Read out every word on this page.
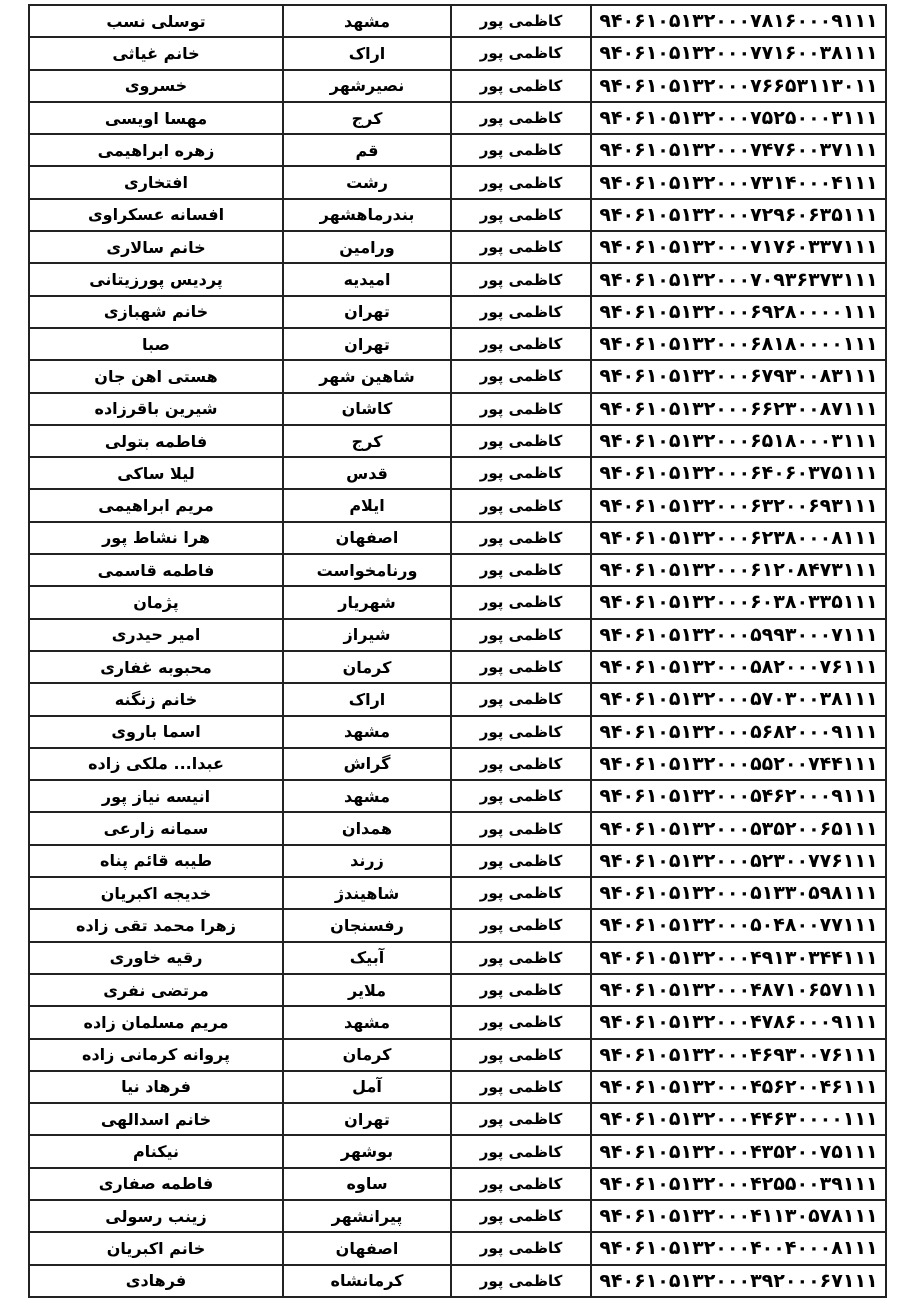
توسلی نسب	مشهد	کاظمی پور	۹۴۰۶۱۰۵۱۳۲۰۰۰۷۸۱۶۰۰۰۹۱۱۱
خانم غیاثی	اراک	کاظمی پور	۹۴۰۶۱۰۵۱۳۲۰۰۰۷۷۱۶۰۰۳۸۱۱۱
خسروی	نصیرشهر	کاظمی پور	۹۴۰۶۱۰۵۱۳۲۰۰۰۷۶۶۵۳۱۱۳۰۱۱
مهسا اویسی	کرج	کاظمی پور	۹۴۰۶۱۰۵۱۳۲۰۰۰۷۵۲۵۰۰۰۳۱۱۱
زهره ابراهیمی	قم	کاظمی پور	۹۴۰۶۱۰۵۱۳۲۰۰۰۷۴۷۶۰۰۳۷۱۱۱
افتخاری	رشت	کاظمی پور	۹۴۰۶۱۰۵۱۳۲۰۰۰۷۳۱۴۰۰۰۴۱۱۱
افسانه عسکراوی	بندرماهشهر	کاظمی پور	۹۴۰۶۱۰۵۱۳۲۰۰۰۷۲۹۶۰۶۳۵۱۱۱
خانم سالاری	ورامین	کاظمی پور	۹۴۰۶۱۰۵۱۳۲۰۰۰۷۱۷۶۰۳۳۷۱۱۱
پردیس پورزیتانی	امیدیه	کاظمی پور	۹۴۰۶۱۰۵۱۳۲۰۰۰۷۰۹۳۶۳۷۳۱۱۱
خانم شهبازی	تهران	کاظمی پور	۹۴۰۶۱۰۵۱۳۲۰۰۰۶۹۲۸۰۰۰۰۱۱۱
صبا	تهران	کاظمی پور	۹۴۰۶۱۰۵۱۳۲۰۰۰۶۸۱۸۰۰۰۰۱۱۱
هستی اهن جان	شاهین شهر	کاظمی پور	۹۴۰۶۱۰۵۱۳۲۰۰۰۶۷۹۳۰۰۸۳۱۱۱
شیرین باقرزاده	کاشان	کاظمی پور	۹۴۰۶۱۰۵۱۳۲۰۰۰۶۶۲۳۰۰۸۷۱۱۱
فاطمه بتولی	کرج	کاظمی پور	۹۴۰۶۱۰۵۱۳۲۰۰۰۶۵۱۸۰۰۰۳۱۱۱
لیلا ساکی	قدس	کاظمی پور	۹۴۰۶۱۰۵۱۳۲۰۰۰۶۴۰۶۰۳۷۵۱۱۱
مریم ابراهیمی	ایلام	کاظمی پور	۹۴۰۶۱۰۵۱۳۲۰۰۰۶۳۲۰۰۶۹۳۱۱۱
هرا نشاط پور	اصفهان	کاظمی پور	۹۴۰۶۱۰۵۱۳۲۰۰۰۶۲۳۸۰۰۰۸۱۱۱
فاطمه قاسمی	ورنامخواست	کاظمی پور	۹۴۰۶۱۰۵۱۳۲۰۰۰۶۱۲۰۸۴۷۳۱۱۱
پژمان	شهریار	کاظمی پور	۹۴۰۶۱۰۵۱۳۲۰۰۰۶۰۳۸۰۳۳۵۱۱۱
امیر حیدری	شیراز	کاظمی پور	۹۴۰۶۱۰۵۱۳۲۰۰۰۵۹۹۳۰۰۰۷۱۱۱
محبوبه غفاری	کرمان	کاظمی پور	۹۴۰۶۱۰۵۱۳۲۰۰۰۵۸۲۰۰۰۷۶۱۱۱
خانم زنگنه	اراک	کاظمی پور	۹۴۰۶۱۰۵۱۳۲۰۰۰۵۷۰۳۰۰۳۸۱۱۱
اسما باروی	مشهد	کاظمی پور	۹۴۰۶۱۰۵۱۳۲۰۰۰۵۶۸۲۰۰۰۹۱۱۱
عبدا... ملکی زاده	گراش	کاظمی پور	۹۴۰۶۱۰۵۱۳۲۰۰۰۵۵۲۰۰۷۴۴۱۱۱
انیسه نیاز پور	مشهد	کاظمی پور	۹۴۰۶۱۰۵۱۳۲۰۰۰۵۴۶۲۰۰۰۹۱۱۱
سمانه زارعی	همدان	کاظمی پور	۹۴۰۶۱۰۵۱۳۲۰۰۰۵۳۵۲۰۰۶۵۱۱۱
طیبه قائم پناه	زرند	کاظمی پور	۹۴۰۶۱۰۵۱۳۲۰۰۰۵۲۳۰۰۷۷۶۱۱۱
خدیجه اکبریان	شاهیندژ	کاظمی پور	۹۴۰۶۱۰۵۱۳۲۰۰۰۵۱۳۳۰۵۹۸۱۱۱
زهرا محمد تقی زاده	رفسنجان	کاظمی پور	۹۴۰۶۱۰۵۱۳۲۰۰۰۵۰۴۸۰۰۷۷۱۱۱
رقیه خاوری	آبیک	کاظمی پور	۹۴۰۶۱۰۵۱۳۲۰۰۰۴۹۱۳۰۳۴۴۱۱۱
مرتضی نفری	ملایر	کاظمی پور	۹۴۰۶۱۰۵۱۳۲۰۰۰۴۸۷۱۰۶۵۷۱۱۱
مریم مسلمان زاده	مشهد	کاظمی پور	۹۴۰۶۱۰۵۱۳۲۰۰۰۴۷۸۶۰۰۰۹۱۱۱
پروانه کرمانی زاده	کرمان	کاظمی پور	۹۴۰۶۱۰۵۱۳۲۰۰۰۴۶۹۳۰۰۷۶۱۱۱
فرهاد نیا	آمل	کاظمی پور	۹۴۰۶۱۰۵۱۳۲۰۰۰۴۵۶۲۰۰۴۶۱۱۱
خانم اسدالهی	تهران	کاظمی پور	۹۴۰۶۱۰۵۱۳۲۰۰۰۴۴۶۳۰۰۰۰۱۱۱
نیکنام	بوشهر	کاظمی پور	۹۴۰۶۱۰۵۱۳۲۰۰۰۴۳۵۲۰۰۷۵۱۱۱
فاطمه صفاری	ساوه	کاظمی پور	۹۴۰۶۱۰۵۱۳۲۰۰۰۴۲۵۵۰۰۳۹۱۱۱
زینب رسولی	پیرانشهر	کاظمی پور	۹۴۰۶۱۰۵۱۳۲۰۰۰۴۱۱۳۰۵۷۸۱۱۱
خانم اکبریان	اصفهان	کاظمی پور	۹۴۰۶۱۰۵۱۳۲۰۰۰۴۰۰۴۰۰۰۸۱۱۱
فرهادی	کرمانشاه	کاظمی پور	۹۴۰۶۱۰۵۱۳۲۰۰۰۳۹۲۰۰۰۶۷۱۱۱
